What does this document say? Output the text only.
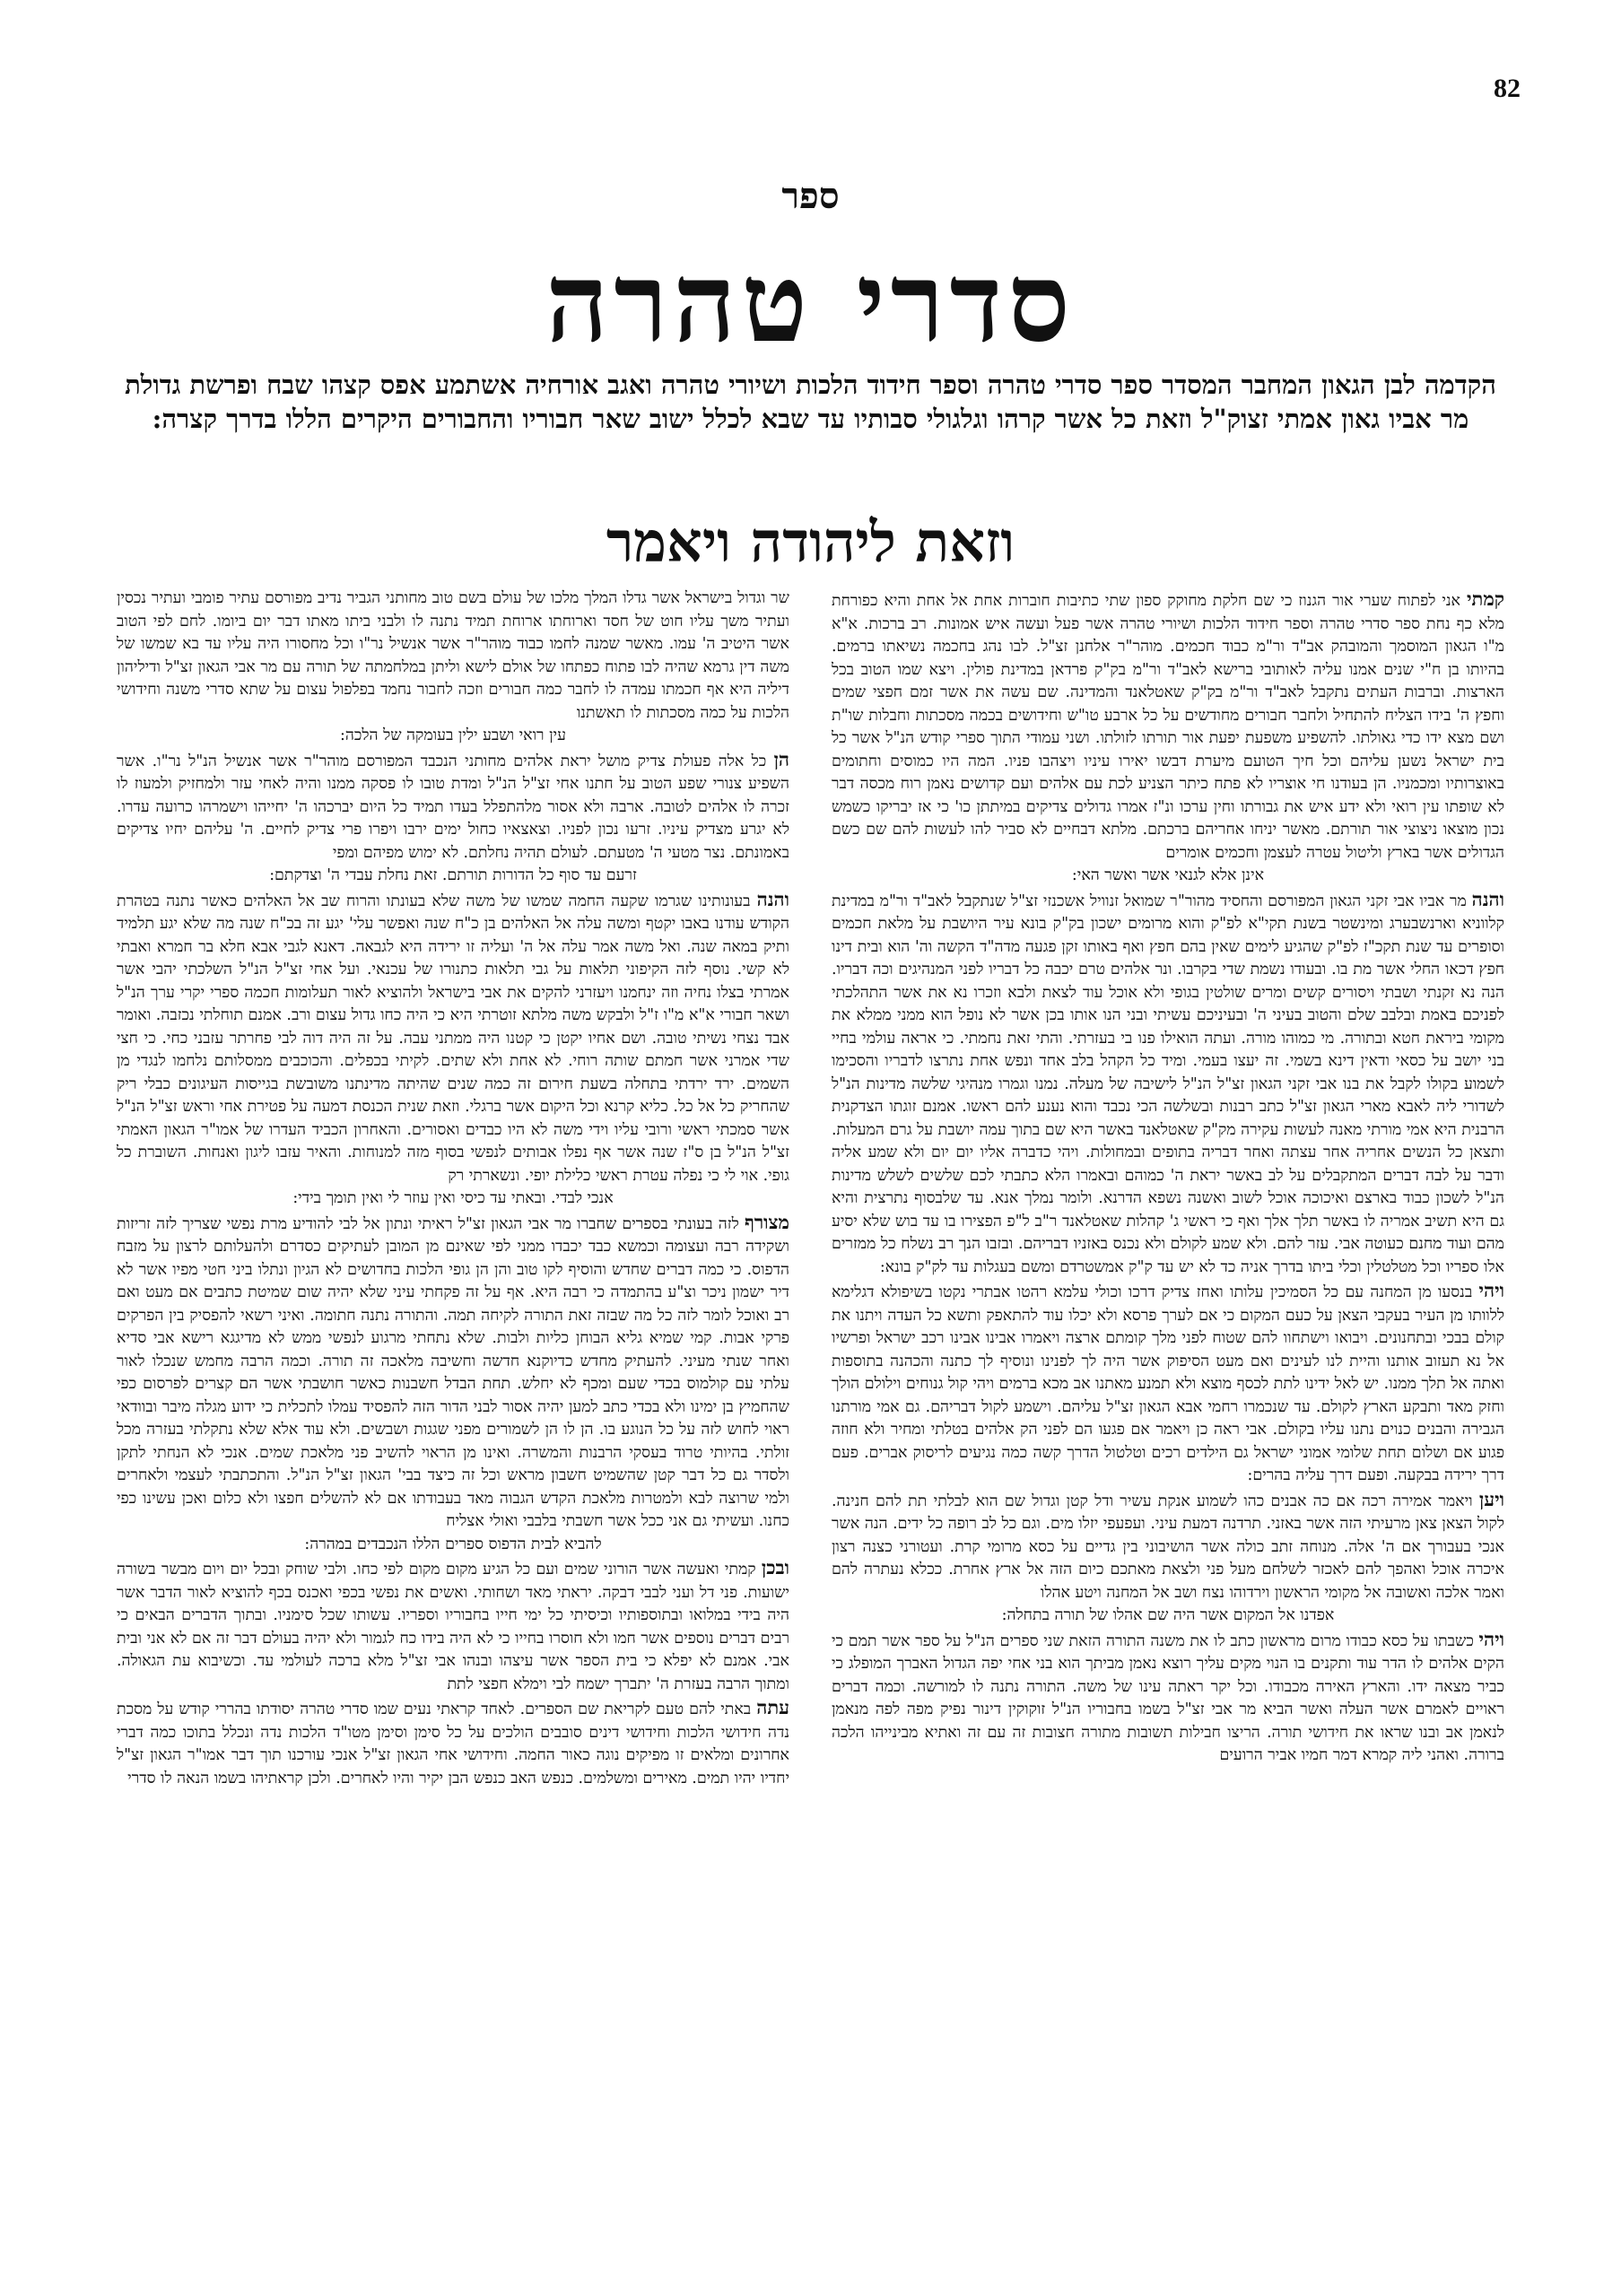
82
ספר
סדרי טהרה
הקדמה לבן הגאון המחבר המסדר ספר סדרי טהרה וספר חידוד הלכות ושיורי טהרה ואגב אורחיה אשתמע אפס קצהו שבח ופרשת גדולת מר אביו גאון אמתי זצוק"ל וזאת כל אשר קרהו וגלגולי סבותיו עד שבא לכלל ישוב שאר חבוריו והחבורים היקרים הללו בדרך קצרה:
וזאת ליהודה ויאמר

קמתי אני לפתוח שערי אור הגנוז כי שם חלקת מחוקק ספון שתי כתיבות חוברות אחת אל אחת והיא כפורחת מלא כף נחת ספר סדרי טהרה וספר חידוד הלכות ושיורי טהרה אשר פעל ועשה איש אמונות. רב ברכות. א"א מ"ו הגאון המוסמך והמובהק אב"ד ור"מ כבוד חכמים. מוהר"ר אלחנן זצ"ל. לבו נהג בחכמה נשיאתו ברמים. בהיותו בן ח"י שנים אמנו עליה לאותובי ברישא לאב"ד ור"מ בק"ק פרדאן במדינת פולין. ויצא שמו הטוב בכל הארצות. וברבות העתים נתקבל לאב"ד ור"מ בק"ק שאטלאנד והמדינה. שם עשה את אשר זמם חפצי שמים וחפץ ה' בידו הצליח להתחיל ולחבר חבורים מחודשים על כל ארבע טו"ש וחידושים בכמה מסכתות וחבלות שו"ת ושם מצא ידו כדי גאולתו. להשפיע משפעת יפעת אור תורתו לזולתו. ושני עמודי התוך ספרי קודש הנ"ל אשר כל בית ישראל נשען עליהם וכל חיך הטועם מיערת דבשו יאירו עיניו ויצהבו פניו. המה היו כמוסים וחתומים באוצרותיו ומכמניו. הן בעודנו חי אוצריו לא פתח כיתר הצניע לכת עם אלהים ועם קדושים נאמן רוח מכסה דבר לא שופתו עין רואי ולא ידע איש את גבורתו וחין ערכו ונ"ז אמרו גדולים צדיקים במיתתן כו' כי אז יבריקו כשמש נכון מוצאו ניצוצי אור תורתם. מאשר יניחו אחריהם ברכתם. מלתא דבחיים לא סביר להו לעשות להם שם כשם הגדולים אשר בארץ וליטול עטרה לעצמן וחכמים אומרים

אינן אלא לגנאי אשר ואשר האי:

והנה מר אביו אבי זקני הגאון המפורסם והחסיד מהור"ר שמואל זנוויל אשכנזי זצ"ל שנתקבל לאב"ד ור"מ במדינת קלווניא וארנשבערג ומינשטר בשנת תקי"א לפ"ק והוא מרומים ישכון בק"ק בונא עיר היושבת על מלאת חכמים וסופרים עד שנת תקכ"ז לפ"ק שהגיע לימים שאין בהם חפץ ואף באותו זקן פגעה מדה"ד הקשה וה' הוא ובית דינו חפץ דכאו החלי אשר מת בו. ובעודו נשמת שדי בקרבו. ונר אלהים טרם יכבה כל דבריו לפני המנהיגים וכה דבריו. הנה נא זקנתי ושבתי ויסורים קשים ומרים שולטין בגופי ולא אוכל עוד לצאת ולבא וזכרו נא את אשר התהלכתי לפניכם באמת ובלבב שלם והטוב בעיני ה' ובעיניכם עשיתי ובני הנו אותו בכן אשר לא נופל הוא ממני ממלא את מקומי ביראת חטא ובתורה. מי כמוהו מורה. ועתה הואילו פנו בי בעזרתי. והתי זאת נחמתי. כי אראה עולמי בחיי בני יושב על כסאי ודאין דינא בשמי. זה יעצו בעמי. ומיד כל הקהל בלב אחד ונפש אחת נתרצו לדבריו והסכימו לשמוע בקולו לקבל את בנו אבי זקני הגאון זצ"ל הנ"ל לישיבה של מעלה. נמנו וגמרו מנהיגי שלשה מדינות הנ"ל לשדורי ליה לאבא מארי הגאון זצ"ל כתב רבנות ובשלשה הכי נכבד והוא נענע להם ראשו. אמנם זוגתו הצדקנית הרבנית היא אמי מורתי מאנה לעשות עקירה מק"ק שאטלאנד באשר היא שם בתוך עמה יושבת על גרם המעלות. ותצאן כל הנשים אחריה אחר עצתה ואחר דבריה בתופים ובמחולות. ויהי כדברה אליו יום יום ולא שמע אליה ודבר על לבה דברים המתקבלים על לב באשר יראת ה' כמוהם ובאמרו הלא כתבתי לכם שלשים לשלש מדינות הנ"ל לשכון כבוד בארצם ואיכוכה אוכל לשוב ואשנה נשפא הדרנא. ולומר נמלך אנא. עד שלבסוף נתרצית והיא גם היא תשיב אמריה לו באשר תלך אלך ואף כי ראשי ג' קהלות שאטלאנד ר"ב ל"פ הפצירו בו עד בוש שלא יסיע מהם ועוד מחנם כעוטה אבי. עזר להם. ולא שמע לקולם ולא נכנס באזניו דבריהם. ובזבו הנך רב נשלח כל ממזרים אלו ספריו וכל מטלטלין וכלי ביתו בדרך אניה כד לא יש עד ק"ק אמשטרדם ומשם בעגלות עד לק"ק בונא:

ויהי בנסעו מן המחנה עם כל הסמיכין עלותו ואחז צדיק דרכו וכולי עלמא רהטו אבתרי נקטו בשיפולא דגלימא ללוותו מן העיר בעקבי הצאן על כעם המקום כי אם לערך פרסא ולא יכלו עוד להתאפק ותשא כל העדה ויתנו את קולם בבכי ובתחנונים. ויבואו וישתחוו להם שטוח לפני מלך קומתם ארצה ויאמרו אבינו אבינו רכב ישראל ופרשיו אל נא תעזוב אותנו והיית לנו לעינים ואם מעט הסיפוק אשר היה לך לפנינו ונוסיף לך כתנה והכהנה בתוספות ואתה אל תלך ממנו. יש לאל ידינו לתת לכסף מוצא ולא תמנע מאתנו אב מכא ברמים ויהי קול גנוחים וילולם הולך וחזק מאד ותבקע הארץ לקולם. עד שנכמרו רחמי אבא הגאון זצ"ל עליהם. וישמע לקול דבריהם. גם אמי מורתנו הגבירה והבנים כנוים נתנו עליו בקולם. אבי ראה כן ויאמר אם פגעו הם לפני הק אלהים בטלתי ומחיר ולא חוזה פגוע אם ושלום תחת שלומי אמוני ישראל גם הילדים רכים וטלטול הדרך קשה כמה נגיעים לריסוק אברים. פעם דרך ירידה בבקעה. ופעם דרך עליה בהרים:

ויען ויאמר אמירה רכה אם כה אבנים כהו לשמוע אנקת עשיר ודל קטן וגדול שם הוא לבלתי תת להם חנינה. לקול הצאן צאן מרעיתי הזה אשר באזני. תרדנה דמעת עיני. ועפעפי יזלו מים. וגם כל לב רופה כל ידים. הנה אשר אנכי בעבורך אם ה' אלה. מנוחה זתב כולה אשר הושיבוני בין גדיים על כסא מרומי קרת. ועטורני כצנה רצון איכרה אוכל ואהפך להם לאכזר לשלחם מעל פני ולצאת מאתכם כיום הזה אל ארץ אחרת. ככלא נעתרה להם ואמר אלכה ואשובה אל מקומי הראשון וירדוהו נצח ושב אל המחנה ויטע אהלו

אפדנו אל המקום אשר היה שם אהלו של תורה בתחלה:

ויהי כשבתו על כסא כבודו מרום מראשון כתב לו את משנה התורה הזאת שני ספרים הנ"ל על ספר אשר תמם כי הקים אלהים לו הדר עוד ותקנים בו הנוי מקים עליך רוצא נאמן מביתך הוא בני אחי יפה הגדול האברך המופלג כי כביר מצאה ידו. והארץ האירה מכבודו. וכל יקר ראתה עינו של משה. התורה נתנה לו למורשה. וכמה דברים ראויים לאמרם אשר העלה ואשר הביא מר אבי זצ"ל בשמו בחבוריו הנ"ל זוקוקין דינור נפיק מפה לפה מנאמן לנאמן אב ובנו שראו את חידושי תורה. הריצו חבילות תשובות מתורה חצובות זה עם זה ואתיא מבינייהו הלכה ברורה. ואהני ליה קמרא דמר חמיו אביר הרועים

שר וגדול בישראל אשר גדלו המלך מלכו של עולם בשם טוב מחותני הגביר נדיב מפורסם עתיר פומבי ועתיר נכסין ועתיר משך עליו חוט של חסד וארוחתו ארוחת תמיד נתנה לו ולבני ביתו מאתו דבר יום ביומו. לחם לפי הטוב אשר היטיב ה' עמו. מאשר שמנה לחמו כבוד מוהר"ר אשר אנשיל נר"ו וכל מחסורו היה עליו עד בא שמשו של משה דין גרמא שהיה לבו פתוח כפתחו של אולם לישא וליתן במלחמתה של תורה עם מר אבי הגאון זצ"ל ודיליהון דיליה היא אף חכמתו עמדה לו לחבר כמה חבורים וזכה לחבור נחמד בפלפול עצום על שתא סדרי משנה וחידושי הלכות על כמה מסכתות לו תאשתנו

עין רואי ושבע ילין בעומקה של הלכה:

הן כל אלה פעולת צדיק מושל יראת אלהים מחותני הנכבד המפורסם מוהר"ר אשר אנשיל הנ"ל נר"ו. אשר השפיע צנורי שפע הטוב על חתנו אחי זצ"ל הנ"ל ומדת טובו לו פסקה ממנו והיה לאחי עזר ולמחזיק ולמעוז לו זכרה לו אלהים לטובה. ארבה ולא אסור מלהתפלל בעדו תמיד כל היום יברכהו ה' יחייהו וישמרהו כרועה עדרו. לא יגרע מצדיק עיניו. זרעו נכון לפניו. וצאצאיו כחול ימים ירבו ויפרו פרי צדיק לחיים. ה' עליהם יחיו צדיקים באמונתם. נצר מטעי ה' מטעתם. לעולם תהיה נחלתם. לא ימוש מפיהם ומפי

זרעם עד סוף כל הדורות תורתם. זאת נחלת עבדי ה' וצדקתם:

והנה בעונותינו שגרמו שקעה החמה שמשו של משה שלא בעונתו והרוח שב אל האלהים כאשר נתנה בטהרת הקודש עודנו באבו יקטף ומשה עלה אל האלהים בן כ"ח שנה ואפשר עלי' יגע זה בכ"ח שנה מה שלא יגע תלמיד ותיק במאה שנה. ואל משה אמר עלה אל ה' ועליה זו ירידה היא לגבאה. דאנא לגבי אבא חלא בר חמרא ואבתי לא קשי. נוסף לזה הקיפוני תלאות על גבי תלאות כתנורו של עכנאי. ועל אחי זצ"ל הנ"ל השלכתי יהבי אשר אמרתי בצלו נחיה וזה ינחמנו ויעזרני להקים את אבי בישראל ולהוציא לאור תעלומות חכמה ספרי יקרי ערך הנ"ל ושאר חבורי א"א מ"ו ז"ל ולבקש משה מלתא זוטרתי היא כי היה כחו גדול עצום ורב. אמנם תוחלתי נכזבה. ואומר אבד נצחי נשיתי טובה. ושם אחיו יקטן כי קטנו היה ממתני עבה. על זה היה דוה לבי פחרתר עזבני כחי. כי חצי שדי אמרני אשר חמתם שותה רוחי. לא אחת ולא שתים. לקיתי בכפלים. והכוכבים ממסלותם נלחמו לנגדי מן השמים. ירד ירדתי בתחלה בשעת חירום זה כמה שנים שהיתה מדינתנו משובשת בגייסות העיגונים כבלי ריק שהחריק כל אל כל. כליא קרנא וכל היקום אשר ברגלי. וזאת שנית הכנסת דמעה על פטירת אחי וראש זצ"ל הנ"ל אשר סמכתי ראשי ורובי עליו וידי משה לא היו כבדים ואסורים. והאחרון הכביד העדרו של אמו"ר הגאון האמתי זצ"ל הנ"ל בן ס"ז שנה אשר אף נפלו אבותים לנפשי בסוף מזה למנוחות. והאיר עזבו ליגון ואנחות. השוברת כל גופי. אוי לי כי נפלה עטרת ראשי כלילת יופי. ונשארתי רק

אנכי לבדי. ובאתי עד כיסי ואין עוזר לי ואין תומך בידי:

מצורף לזה בעונתי בספרים שחברו מר אבי הגאון זצ"ל ראיתי ונתון אל לבי להודיע מרת נפשי שצריך לזה זריזות ושקידה רבה ועצומה וכמשא כבד יכבדו ממני לפי שאינם מן המובן לעתיקים כסדרם ולהעלותם לרצון על מזבח הדפוס. כי כמה דברים שחדש והוסיף לקו טוב והן הן גופי הלכות בחדושים לא הגיון ונתלו ביני חטי מפיו אשר לא דיר ישמון ניכר וצ"ע בהתמדה כי רבה היא. אף על זה פקחתי עיני שלא יהיה שום שמיטת כתבים אם מעט ואם רב ואוכל לומר לזה כל מה שבזה זאת התורה לקיחה תמה. והתורה נתנה חתומה. ואיני רשאי להפסיק בין הפרקים פרקי אבות. קמי שמיא גליא הבוחן כליות ולבות. שלא נתחתי מרגוע לנפשי ממש לא מדיגגא רישא אבי סדיא ואחר שנתי מעיני. להעתיק מחדש כדיוקנא חדשה וחשיבה מלאכה זה תורה. וכמה הרבה מחמש שנכלו לאור עלתי עם קולמוס בכדי שעם ומכף לא יחלש. תחת הבדל חשבנות כאשר חושבתי אשר הם קצרים לפרסום כפי שהחמיץ בן ימינו ולא בכדי כתב למען יהיה אסור לבני הדור הזה להפסיד עמלו לתכלית כי ידוע מגלה מיבר ובוודאי ראוי לחוש לזה על כל הנוגע בו. הן לו הן לשמורים מפני שגגות ושבשים. ולא עוד אלא שלא נתקלתי בעזרה מכל זולתי. בהיותי טרוד בעסקי הרבנות והמשרה. ואינו מן הראוי להשיב פני מלאכת שמים. אנכי לא הנחתי לתקן ולסדר גם כל דבר קטן שהשמיט חשבון מראש וכל זה כיצד בבי' הגאון זצ"ל הנ"ל. והתכתבתי לעצמי ולאחרים ולמי שרוצה לבא ולמטרות מלאכת הקדש הגבוה מאד בעבודתו אם לא להשלים חפצו ולא כלום ואכן עשינו כפי כחנו. ועשיתי גם אני ככל אשר חשבתי בלבבי ואולי אצליח

להביא לבית הדפוס ספרים הללו הנכבדים במהרה:

ובכן קמתי ואעשה אשר הורוני שמים ועם כל הגיע מקום מקום לפי כחו. ולבי שוחק ובכל יום ויום מבשר בשורה ישועות. פני דל ועני לבבי דבקה. יראתי מאד ושחותי. ואשים את נפשי בכפי ואכנס בכף להוציא לאור הדבר אשר היה בידי במלואו ובתוספותיו וכיסיתי כל ימי חייו בחבוריו וספריו. עשותו שכל סימניו. ובתוך הדברים הבאים כי רבים דברים נוספים אשר חמו ולא חוסרו בחייו כי לא היה בידו כח לגמור ולא יהיה בעולם דבר זה אם לא אני ובית אבי. אמנם לא יפלא כי בית הספר אשר עיצהו ובנהו אבי זצ"ל מלא ברכה לעולמי עד. וכשיבוא עת הגאולה. ומתוך הרבה בעזרת ה' יתברך ישמח לבי וימלא חפצי לתת

עתה באתי להם טעם לקריאת שם הספרים. לאחד קראתי נעים שמו סדרי טהרה יסודתו בהררי קודש על מסכת נדה חידושי הלכות וחידושי דינים סובבים הולכים על כל סימן וסימן מטו"ד הלכות נדה ונכלל בתוכו כמה דברי אחרונים ומלאים זו מפיקים נוגה כאור החמה. וחידושי אחי הגאון זצ"ל אנכי עורכנו תוך דבר אמו"ר הגאון זצ"ל יחדיו יהיו תמים. מאירים ומשלמים. כנפש האב כנפש הבן יקיר והיו לאחרים. ולכן קראתיהו בשמו הנאה לו סדרי
